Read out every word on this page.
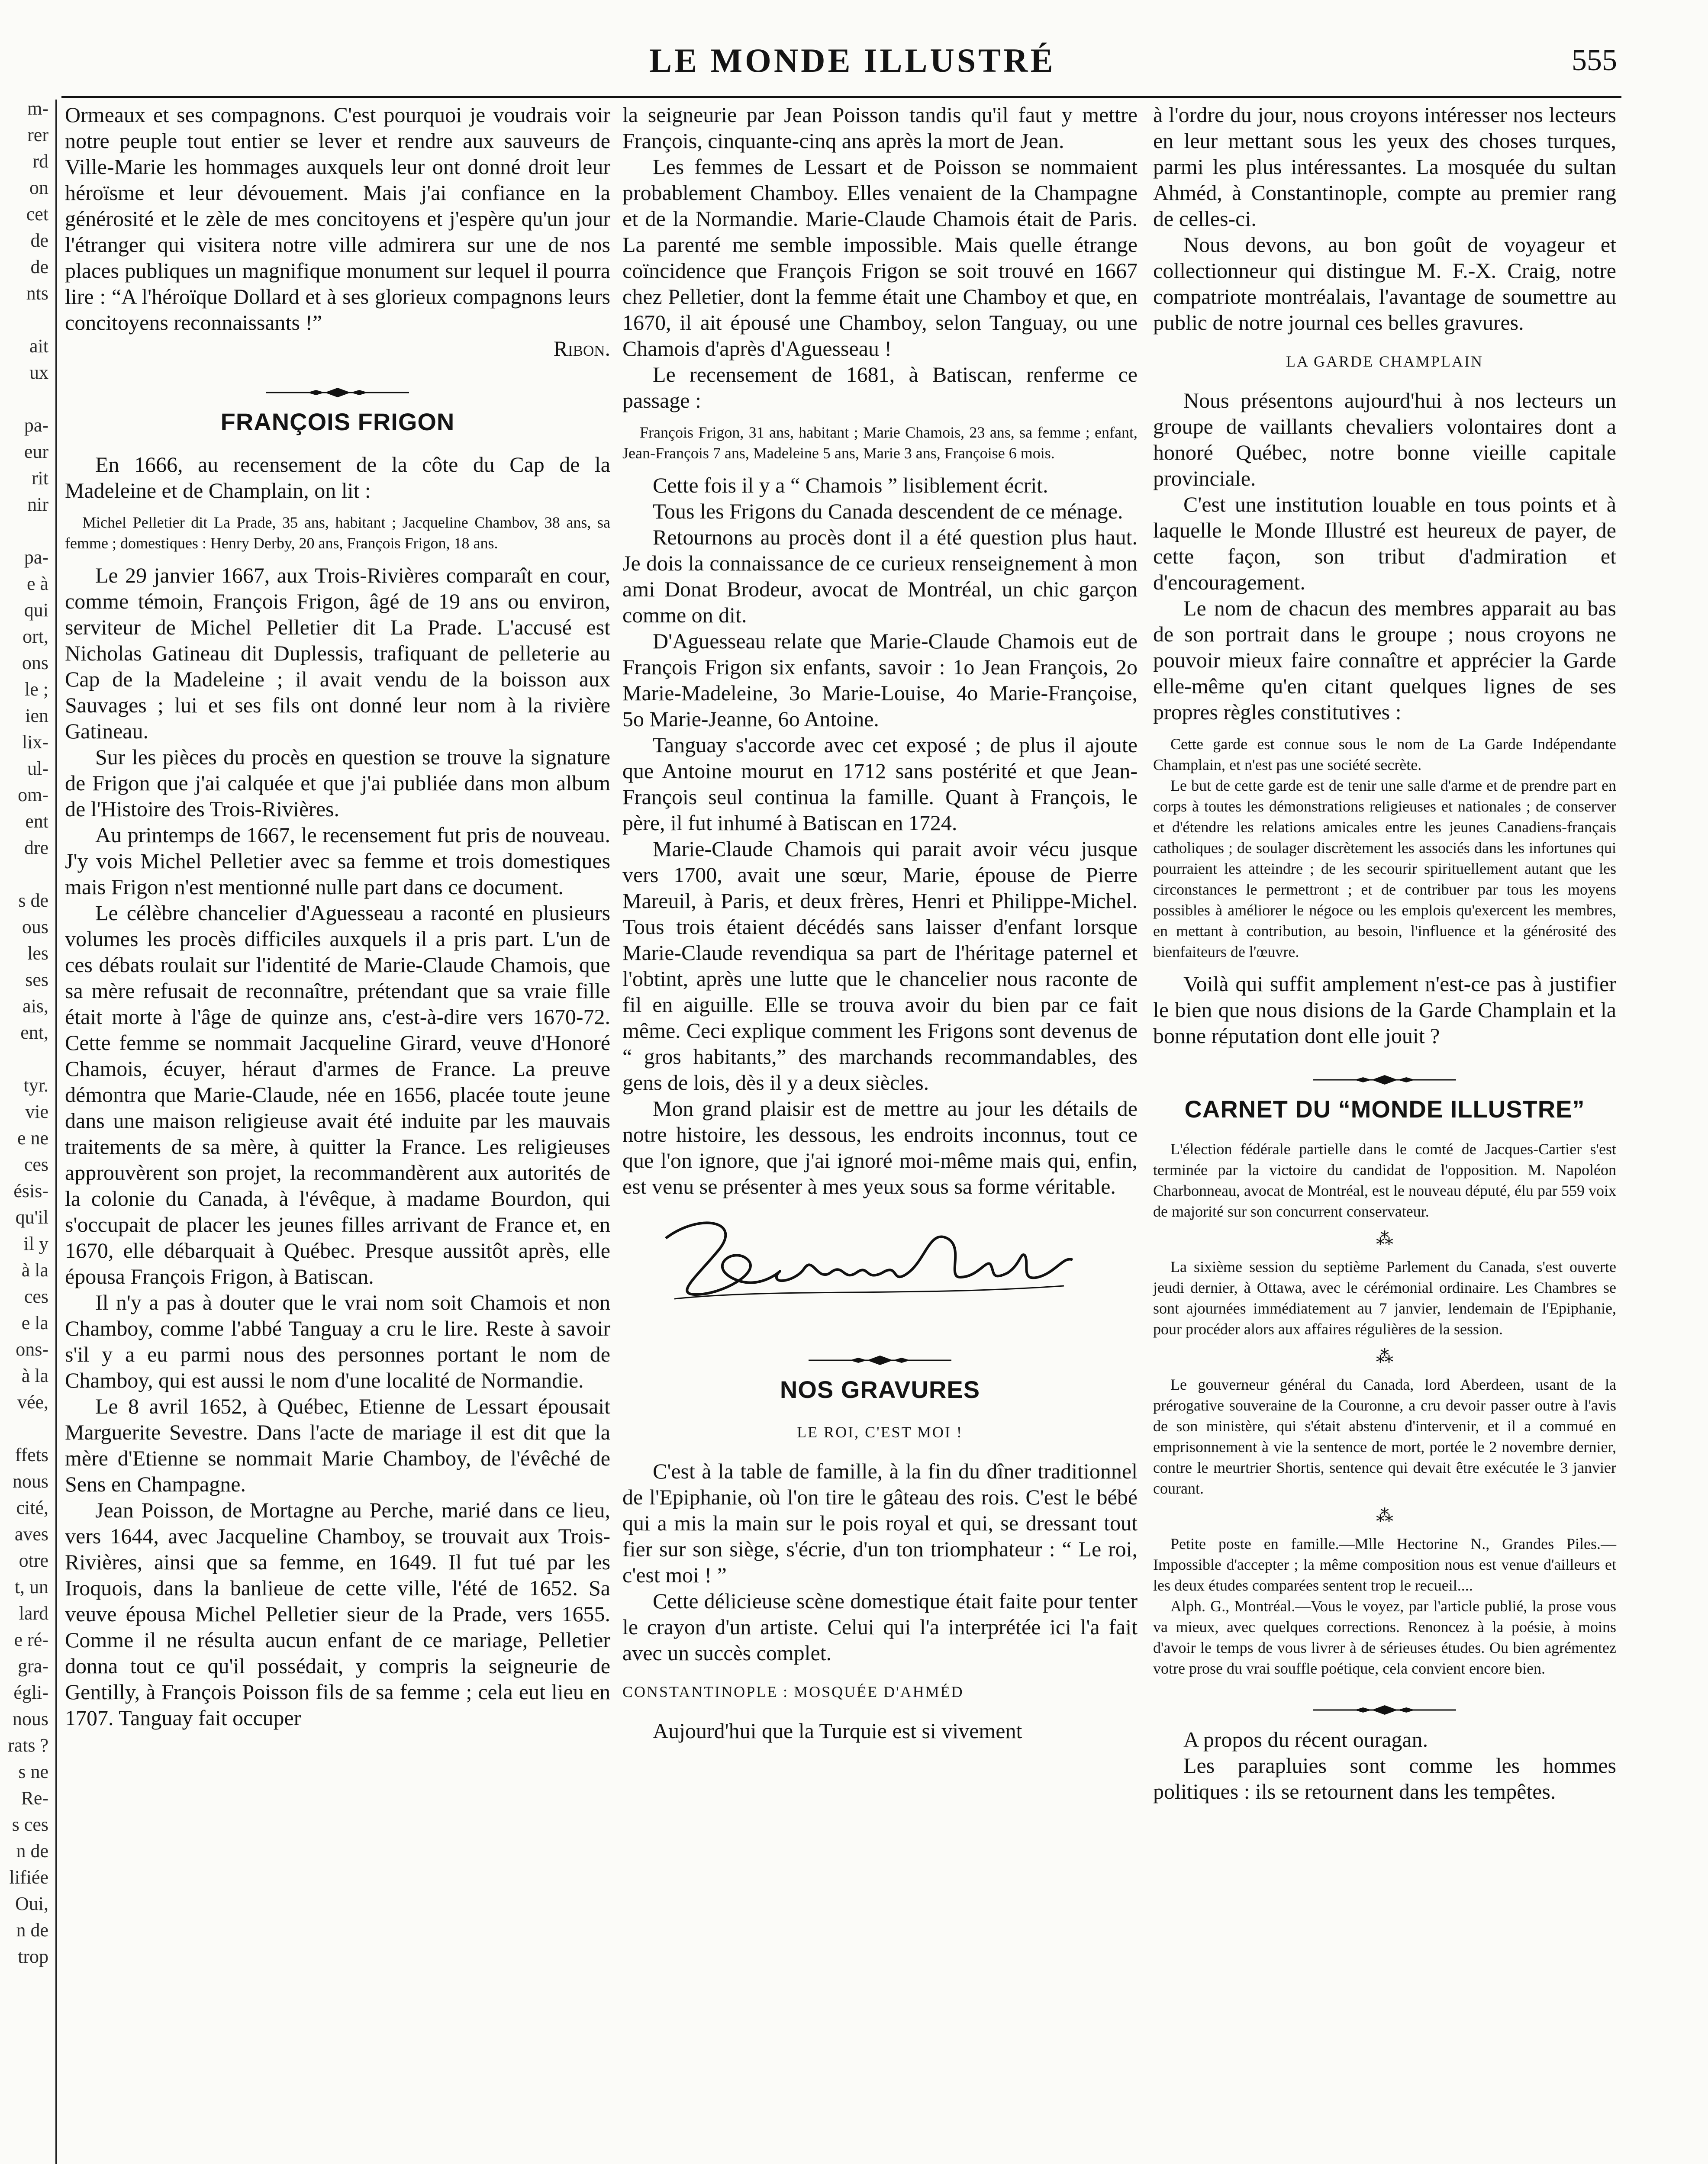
LE MONDE ILLUSTRÉ	555
m-
rer
rd
on
cet
de
de
nts

ait
ux

pa-
eur
rit
nir

pa-
e à
qui
ort,
ons
le ;
ien
lix-
ul-
om-
ent
dre

s de
ous
les
ses
ais,
ent,

tyr.
vie
e ne
ces
ésis-
qu'il
il y
à la
ces
e la
ons-
à la
vée,

ffets
nous
cité,
aves
otre
t, un
lard
e ré-
gra-
égli-
nous
rats ?
s ne
Re-
s ces
n de
lifiée
Oui,
n de
trop

Ormeaux et ses compagnons. C'est pourquoi je voudrais voir notre peuple tout entier se lever et rendre aux sauveurs de Ville-Marie les hommages auxquels leur ont donné droit leur héroïsme et leur dévouement. Mais j'ai confiance en la générosité et le zèle de mes concitoyens et j'espère qu'un jour l'étranger qui visitera notre ville admirera sur une de nos places publiques un magnifique monument sur lequel il pourra lire : “A l'héroïque Dollard et à ses glorieux compagnons leurs concitoyens reconnaissants !”

Ribon.

FRANÇOIS FRIGON

En 1666, au recensement de la côte du Cap de la Madeleine et de Champlain, on lit :

Michel Pelletier dit La Prade, 35 ans, habitant ; Jacqueline Chambov, 38 ans, sa femme ; domestiques : Henry Derby, 20 ans, François Frigon, 18 ans.

Le 29 janvier 1667, aux Trois-Rivières comparaît en cour, comme témoin, François Frigon, âgé de 19 ans ou environ, serviteur de Michel Pelletier dit La Prade. L'accusé est Nicholas Gatineau dit Duplessis, trafiquant de pelleterie au Cap de la Madeleine ; il avait vendu de la boisson aux Sauvages ; lui et ses fils ont donné leur nom à la rivière Gatineau.

Sur les pièces du procès en question se trouve la signature de Frigon que j'ai calquée et que j'ai publiée dans mon album de l'Histoire des Trois-Rivières.

Au printemps de 1667, le recensement fut pris de nouveau. J'y vois Michel Pelletier avec sa femme et trois domestiques mais Frigon n'est mentionné nulle part dans ce document.

Le célèbre chancelier d'Aguesseau a raconté en plusieurs volumes les procès difficiles auxquels il a pris part. L'un de ces débats roulait sur l'identité de Marie-Claude Chamois, que sa mère refusait de reconnaître, prétendant que sa vraie fille était morte à l'âge de quinze ans, c'est-à-dire vers 1670-72. Cette femme se nommait Jacqueline Girard, veuve d'Honoré Chamois, écuyer, héraut d'armes de France. La preuve démontra que Marie-Claude, née en 1656, placée toute jeune dans une maison religieuse avait été induite par les mauvais traitements de sa mère, à quitter la France. Les religieuses approuvèrent son projet, la recommandèrent aux autorités de la colonie du Canada, à l'évêque, à madame Bourdon, qui s'occupait de placer les jeunes filles arrivant de France et, en 1670, elle débarquait à Québec. Presque aussitôt après, elle épousa François Frigon, à Batiscan.

Il n'y a pas à douter que le vrai nom soit Chamois et non Chamboy, comme l'abbé Tanguay a cru le lire. Reste à savoir s'il y a eu parmi nous des personnes portant le nom de Chamboy, qui est aussi le nom d'une localité de Normandie.

Le 8 avril 1652, à Québec, Etienne de Lessart épousait Marguerite Sevestre. Dans l'acte de mariage il est dit que la mère d'Etienne se nommait Marie Chamboy, de l'évêché de Sens en Champagne.

Jean Poisson, de Mortagne au Perche, marié dans ce lieu, vers 1644, avec Jacqueline Chamboy, se trouvait aux Trois-Rivières, ainsi que sa femme, en 1649. Il fut tué par les Iroquois, dans la banlieue de cette ville, l'été de 1652. Sa veuve épousa Michel Pelletier sieur de la Prade, vers 1655. Comme il ne résulta aucun enfant de ce mariage, Pelletier donna tout ce qu'il possédait, y compris la seigneurie de Gentilly, à François Poisson fils de sa femme ; cela eut lieu en 1707. Tanguay fait occuper

la seigneurie par Jean Poisson tandis qu'il faut y mettre François, cinquante-cinq ans après la mort de Jean.

Les femmes de Lessart et de Poisson se nommaient probablement Chamboy. Elles venaient de la Champagne et de la Normandie. Marie-Claude Chamois était de Paris. La parenté me semble impossible. Mais quelle étrange coïncidence que François Frigon se soit trouvé en 1667 chez Pelletier, dont la femme était une Chamboy et que, en 1670, il ait épousé une Chamboy, selon Tanguay, ou une Chamois d'après d'Aguesseau !

Le recensement de 1681, à Batiscan, renferme ce passage :

François Frigon, 31 ans, habitant ; Marie Chamois, 23 ans, sa femme ; enfant, Jean-François 7 ans, Madeleine 5 ans, Marie 3 ans, Françoise 6 mois.

Cette fois il y a “ Chamois ” lisiblement écrit.

Tous les Frigons du Canada descendent de ce ménage.

Retournons au procès dont il a été question plus haut. Je dois la connaissance de ce curieux renseignement à mon ami Donat Brodeur, avocat de Montréal, un chic garçon comme on dit.

D'Aguesseau relate que Marie-Claude Chamois eut de François Frigon six enfants, savoir : 1o Jean François, 2o Marie-Madeleine, 3o Marie-Louise, 4o Marie-Françoise, 5o Marie-Jeanne, 6o Antoine.

Tanguay s'accorde avec cet exposé ; de plus il ajoute que Antoine mourut en 1712 sans postérité et que Jean-François seul continua la famille. Quant à François, le père, il fut inhumé à Batiscan en 1724.

Marie-Claude Chamois qui parait avoir vécu jusque vers 1700, avait une sœur, Marie, épouse de Pierre Mareuil, à Paris, et deux frères, Henri et Philippe-Michel. Tous trois étaient décédés sans laisser d'enfant lorsque Marie-Claude revendiqua sa part de l'héritage paternel et l'obtint, après une lutte que le chancelier nous raconte de fil en aiguille. Elle se trouva avoir du bien par ce fait même. Ceci explique comment les Frigons sont devenus de “ gros habitants,” des marchands recommandables, des gens de lois, dès il y a deux siècles.

Mon grand plaisir est de mettre au jour les détails de notre histoire, les dessous, les endroits inconnus, tout ce que l'on ignore, que j'ai ignoré moi-même mais qui, enfin, est venu se présenter à mes yeux sous sa forme véritable.

NOS GRAVURES
LE ROI, C'EST MOI !

C'est à la table de famille, à la fin du dîner traditionnel de l'Epiphanie, où l'on tire le gâteau des rois. C'est le bébé qui a mis la main sur le pois royal et qui, se dressant tout fier sur son siège, s'écrie, d'un ton triomphateur : “ Le roi, c'est moi ! ”

Cette délicieuse scène domestique était faite pour tenter le crayon d'un artiste. Celui qui l'a interprétée ici l'a fait avec un succès complet.

CONSTANTINOPLE : MOSQUÉE D'AHMÉD

Aujourd'hui que la Turquie est si vivement

à l'ordre du jour, nous croyons intéresser nos lecteurs en leur mettant sous les yeux des choses turques, parmi les plus intéressantes. La mosquée du sultan Ahméd, à Constantinople, compte au premier rang de celles-ci.

Nous devons, au bon goût de voyageur et collectionneur qui distingue M. F.-X. Craig, notre compatriote montréalais, l'avantage de soumettre au public de notre journal ces belles gravures.

LA GARDE CHAMPLAIN

Nous présentons aujourd'hui à nos lecteurs un groupe de vaillants chevaliers volontaires dont a honoré Québec, notre bonne vieille capitale provinciale.

C'est une institution louable en tous points et à laquelle le Monde Illustré est heureux de payer, de cette façon, son tribut d'admiration et d'encouragement.

Le nom de chacun des membres apparait au bas de son portrait dans le groupe ; nous croyons ne pouvoir mieux faire connaître et apprécier la Garde elle-même qu'en citant quelques lignes de ses propres règles constitutives :

Cette garde est connue sous le nom de La Garde Indépendante Champlain, et n'est pas une société secrète.

Le but de cette garde est de tenir une salle d'arme et de prendre part en corps à toutes les démonstrations religieuses et nationales ; de conserver et d'étendre les relations amicales entre les jeunes Canadiens-français catholiques ; de soulager discrètement les associés dans les infortunes qui pourraient les atteindre ; de les secourir spirituellement autant que les circonstances le permettront ; et de contribuer par tous les moyens possibles à améliorer le négoce ou les emplois qu'exercent les membres, en mettant à contribution, au besoin, l'influence et la générosité des bienfaiteurs de l'œuvre.

Voilà qui suffit amplement n'est-ce pas à justifier le bien que nous disions de la Garde Champlain et la bonne réputation dont elle jouit ?

CARNET DU “MONDE ILLUSTRE”

L'élection fédérale partielle dans le comté de Jacques-Cartier s'est terminée par la victoire du candidat de l'opposition. M. Napoléon Charbonneau, avocat de Montréal, est le nouveau député, élu par 559 voix de majorité sur son concurrent conservateur.

⁂

La sixième session du septième Parlement du Canada, s'est ouverte jeudi dernier, à Ottawa, avec le cérémonial ordinaire. Les Chambres se sont ajournées immédiatement au 7 janvier, lendemain de l'Epiphanie, pour procéder alors aux affaires régulières de la session.

⁂

Le gouverneur général du Canada, lord Aberdeen, usant de la prérogative souveraine de la Couronne, a cru devoir passer outre à l'avis de son ministère, qui s'était abstenu d'intervenir, et il a commué en emprisonnement à vie la sentence de mort, portée le 2 novembre dernier, contre le meurtrier Shortis, sentence qui devait être exécutée le 3 janvier courant.

⁂

Petite poste en famille.—Mlle Hectorine N., Grandes Piles.—Impossible d'accepter ; la même composition nous est venue d'ailleurs et les deux études comparées sentent trop le recueil....

Alph. G., Montréal.—Vous le voyez, par l'article publié, la prose vous va mieux, avec quelques corrections. Renoncez à la poésie, à moins d'avoir le temps de vous livrer à de sérieuses études. Ou bien agrémentez votre prose du vrai souffle poétique, cela convient encore bien.

A propos du récent ouragan.

Les parapluies sont comme les hommes politiques : ils se retournent dans les tempêtes.
